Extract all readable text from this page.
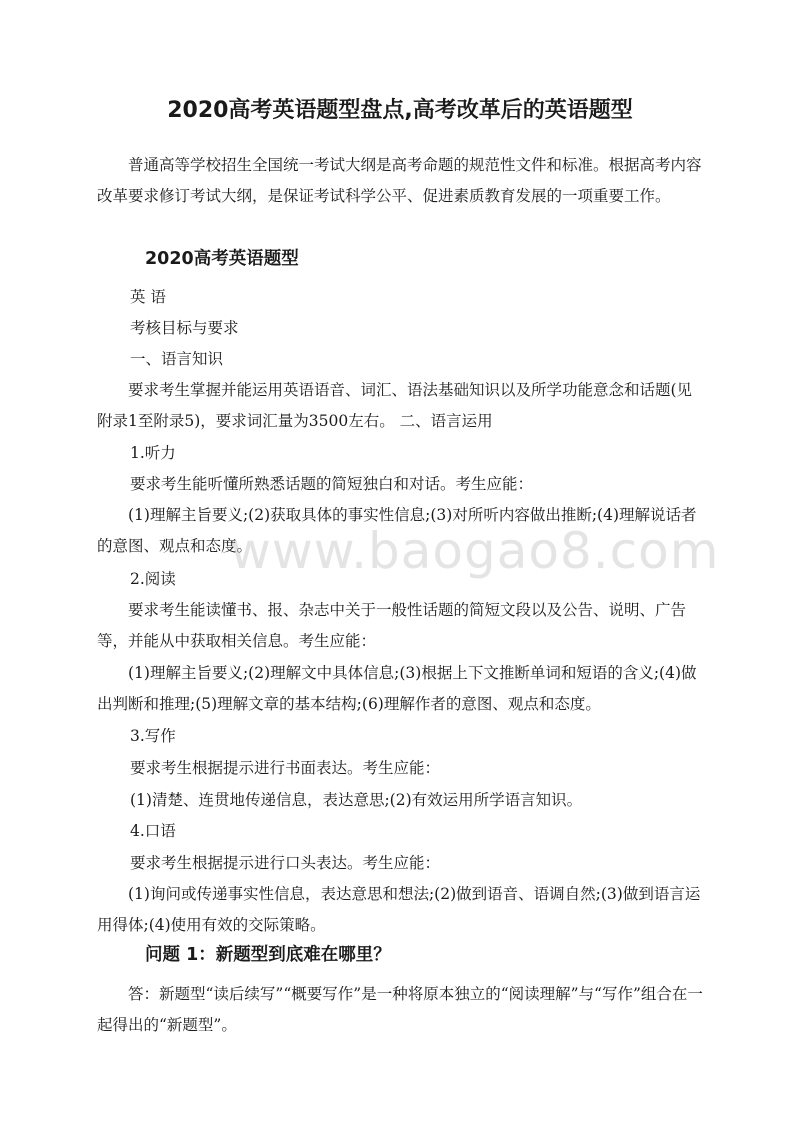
2020高考英语题型盘点,高考改革后的英语题型
普通高等学校招生全国统一考试大纲是高考命题的规范性文件和标准。根据高考内容改革要求修订考试大纲，是保证考试科学公平、促进素质教育发展的一项重要工作。
2020高考英语题型
英 语
考核目标与要求
一、语言知识
要求考生掌握并能运用英语语音、词汇、语法基础知识以及所学功能意念和话题(见附录1至附录5)，要求词汇量为3500左右。 二、语言运用
1.听力
要求考生能听懂所熟悉话题的简短独白和对话。考生应能：
(1)理解主旨要义;(2)获取具体的事实性信息;(3)对所听内容做出推断;(4)理解说话者的意图、观点和态度。
2.阅读
要求考生能读懂书、报、杂志中关于一般性话题的简短文段以及公告、说明、广告等，并能从中获取相关信息。考生应能：
(1)理解主旨要义;(2)理解文中具体信息;(3)根据上下文推断单词和短语的含义;(4)做出判断和推理;(5)理解文章的基本结构;(6)理解作者的意图、观点和态度。
3.写作
要求考生根据提示进行书面表达。考生应能：
(1)清楚、连贯地传递信息，表达意思;(2)有效运用所学语言知识。
4.口语
要求考生根据提示进行口头表达。考生应能：
(1)询问或传递事实性信息，表达意思和想法;(2)做到语音、语调自然;(3)做到语言运用得体;(4)使用有效的交际策略。
问题 1：新题型到底难在哪里？
答：新题型“读后续写”“概要写作”是一种将原本独立的“阅读理解”与“写作”组合在一起得出的“新题型”。
www.baogao8.com
